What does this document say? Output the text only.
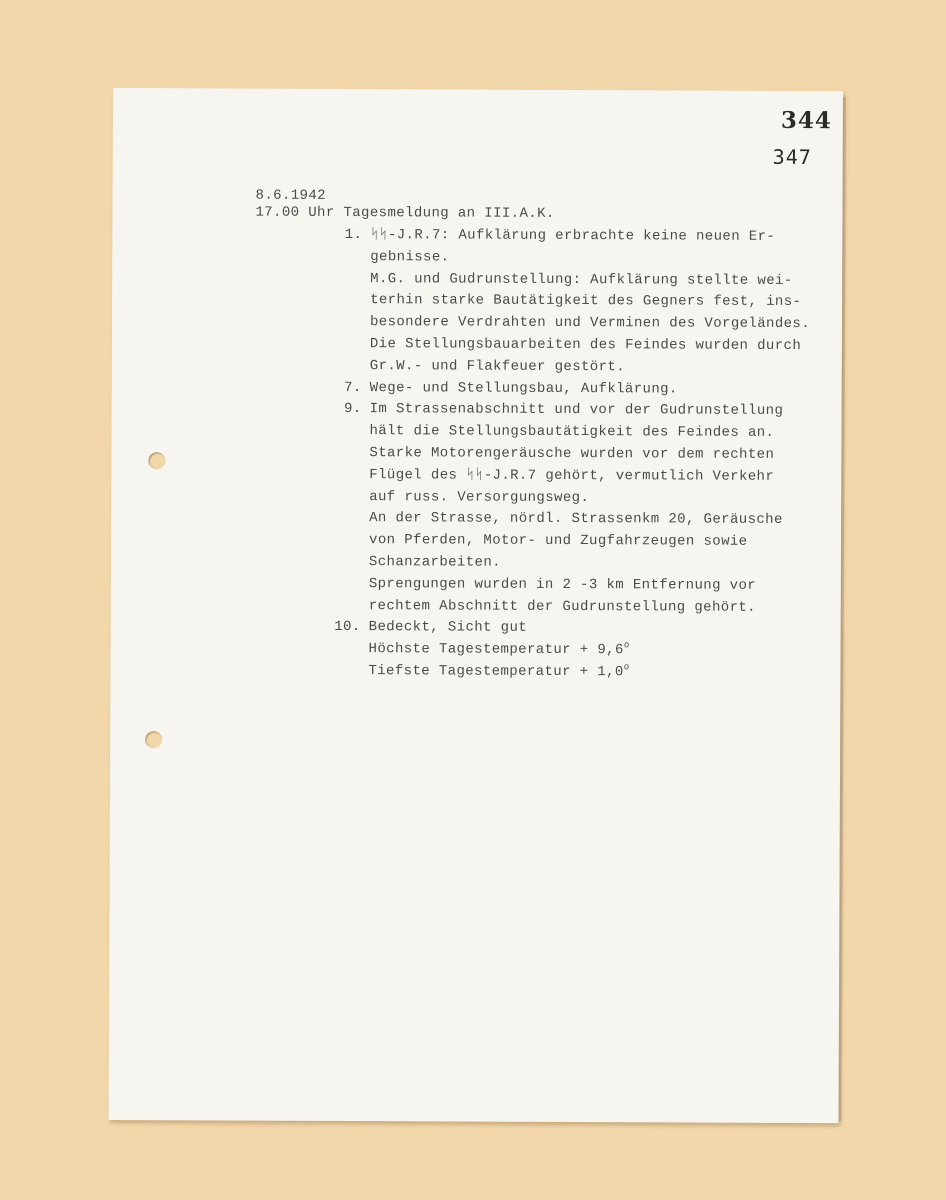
344
347
8.6.1942
17.00 Uhr Tagesmeldung an III.A.K.
1. ᛋᛋ-J.R.7: Aufklärung erbrachte keine neuen Er-
gebnisse.
M.G. und Gudrunstellung: Aufklärung stellte wei-
terhin starke Bautätigkeit des Gegners fest, ins-
besondere Verdrahten und Verminen des Vorgeländes.
Die Stellungsbauarbeiten des Feindes wurden durch
Gr.W.- und Flakfeuer gestört.
7. Wege- und Stellungsbau, Aufklärung.
9. Im Strassenabschnitt und vor der Gudrunstellung
hält die Stellungsbautätigkeit des Feindes an.
Starke Motorengeräusche wurden vor dem rechten
Flügel des ᛋᛋ-J.R.7 gehört, vermutlich Verkehr
auf russ. Versorgungsweg.
An der Strasse, nördl. Strassenkm 20, Geräusche
von Pferden, Motor- und Zugfahrzeugen sowie
Schanzarbeiten.
Sprengungen wurden in 2 -3 km Entfernung vor
rechtem Abschnitt der Gudrunstellung gehört.
10. Bedeckt, Sicht gut
Höchste Tagestemperatur + $9,6^o$
Tiefste Tagestemperatur + $1,0^o$
